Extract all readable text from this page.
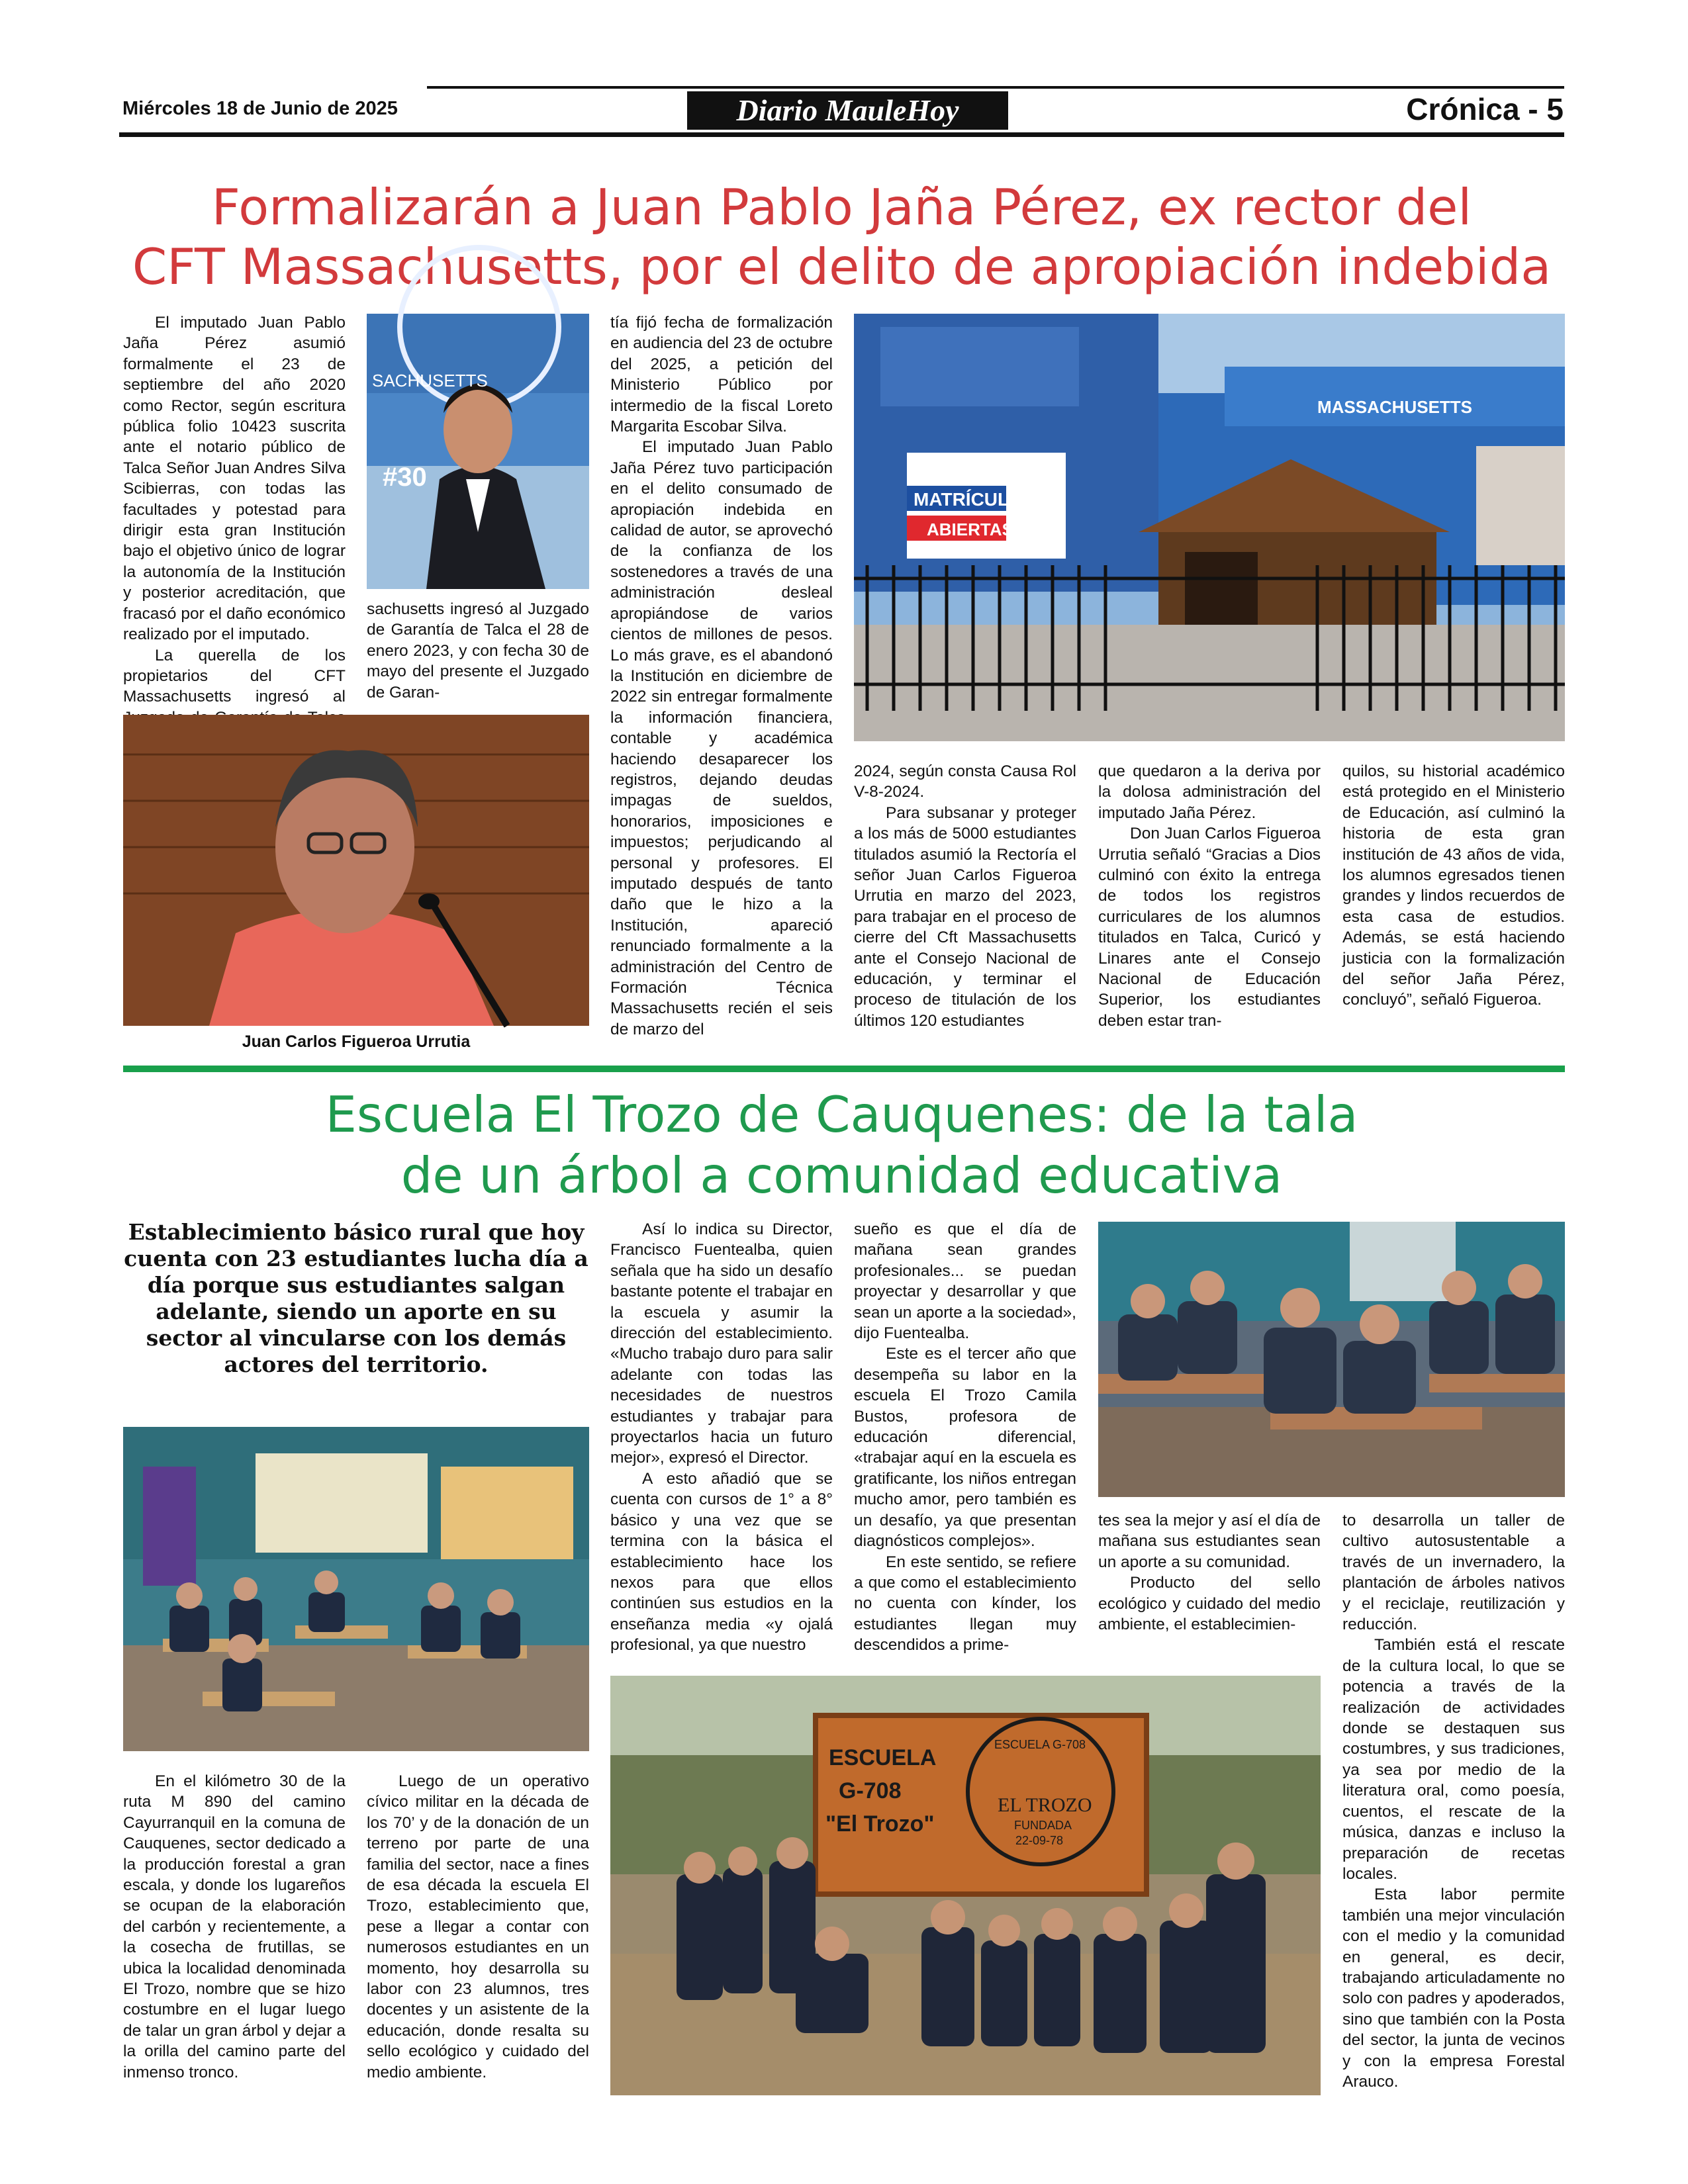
Miércoles 18 de Junio de 2025	Diario MauleHoy	Crónica - 5
Formalizarán a Juan Pablo Jaña Pérez, ex rector del
CFT Massachusetts, por el delito de apropiación indebida

El imputado Juan Pablo Jaña Pérez asumió formalmente el 23 de septiembre del año 2020 como Rector, según escritura pública folio 10423 suscrita ante el notario público de Talca Señor Juan Andres Silva Scibierras, con todas las facultades y potestad para dirigir esta gran Institución bajo el objetivo único de lograr la autonomía de la Institución y posterior acreditación, que fracasó por el daño económico realizado por el imputado.

La querella de los propietarios del CFT Massachusetts ingresó al

sachusetts ingresó al Juzgado de Garantía de Talca el 28 de enero 2023, y con fecha 30 de mayo del presente el Juzgado de Garan-

#30
SACHUSETTS
Juan Carlos Figueroa Urrutia

tía fijó fecha de formalización en audiencia del 23 de octubre del 2025, a petición del Ministerio Público por intermedio de la fiscal Loreto Margarita Escobar Silva.

El imputado Juan Pablo Jaña Pérez tuvo participación en el delito consumado de apropiación indebida en calidad de autor, se aprovechó de la confianza de los sostenedores a través de una administración desleal apropiándose de varios cientos de millones de pesos. Lo más grave, es el abandonó la Institución en diciembre de 2022 sin entregar formalmente la información financiera, contable y académica haciendo desaparecer los registros, dejando deudas impagas de sueldos, honorarios, imposiciones e impuestos; perjudicando al personal y profesores. El imputado después de tanto daño que le hizo a la Institución, apareció renunciado formalmente a la administración del Centro de Formación Técnica Massachusetts recién el seis de marzo del

MATRÍCULAS
ABIERTAS
MASSACHUSETTS

2024, según consta Causa Rol V-8-2024.

Para subsanar y proteger a los más de 5000 estudiantes titulados asumió la Rectoría el señor Juan Carlos Figueroa Urrutia en marzo del 2023, para trabajar en el proceso de cierre del Cft Massachusetts ante el Consejo Nacional de educación, y terminar el proceso de titulación de los últimos 120 estudiantes

que quedaron a la deriva por la dolosa administración del imputado Jaña Pérez.

Don Juan Carlos Figueroa Urrutia señaló “Gracias a Dios culminó con éxito la entrega de todos los registros curriculares de los alumnos titulados en Talca, Curicó y Linares ante el Consejo Nacional de Educación Superior, los estudiantes deben estar tran-

quilos, su historial académico está protegido en el Ministerio de Educación, así culminó la historia de esta gran institución de 43 años de vida, los alumnos egresados tienen grandes y lindos recuerdos de esta casa de estudios. Además, se está haciendo justicia con la formalización del señor Jaña Pérez, concluyó”, señaló Figueroa.

Escuela El Trozo de Cauquenes: de la tala
de un árbol a comunidad educativa
Establecimiento básico rural que hoy cuenta con 23 estudiantes lucha día a día porque sus estudiantes salgan adelante, siendo un aporte en su sector al vincularse con los demás actores del territorio.

En el kilómetro 30 de la ruta M 890 del camino Cayurranquil en la comuna de Cauquenes, sector dedicado a la producción forestal a gran escala, y donde los lugareños se ocupan de la elaboración del carbón y recientemente, a la cosecha de frutillas, se ubica la localidad denominada El Trozo, nombre que se hizo costumbre en el lugar luego de talar un gran árbol y dejar a la orilla del camino parte del inmenso tronco.

Luego de un operativo cívico militar en la década de los 70’ y de la donación de un terreno por parte de una familia del sector, nace a fines de esa década la escuela El Trozo, establecimiento que, pese a llegar a contar con numerosos estudiantes en un momento, hoy desarrolla su labor con 23 alumnos, tres docentes y un asistente de la educación, donde resalta su sello ecológico y cuidado del medio ambiente.

Así lo indica su Director, Francisco Fuentealba, quien señala que ha sido un desafío bastante potente el trabajar en la escuela y asumir la dirección del establecimiento. «Mucho trabajo duro para salir adelante con todas las necesidades de nuestros estudiantes y trabajar para proyectarlos hacia un futuro mejor», expresó el Director.

A esto añadió que se cuenta con cursos de 1° a 8° básico y una vez que se termina con la básica el establecimiento hace los nexos para que ellos continúen sus estudios en la enseñanza media «y ojalá profesional, ya que nuestro

sueño es que el día de mañana sean grandes profesionales... se puedan proyectar y desarrollar y que sean un aporte a la sociedad», dijo Fuentealba.

Este es el tercer año que desempeña su labor en la escuela El Trozo Camila Bustos, profesora de educación diferencial, «trabajar aquí en la escuela es gratificante, los niños entregan mucho amor, pero también es un desafío, ya que presentan diagnósticos complejos».

En este sentido, se refiere a que como el establecimiento no cuenta con kínder, los estudiantes llegan muy descendidos a prime-

tes sea la mejor y así el día de mañana sus estudiantes sean un aporte a su comunidad.

Producto del sello ecológico y cuidado del medio ambiente, el establecimien-

to desarrolla un taller de cultivo autosustentable a través de un invernadero, la plantación de árboles nativos y el reciclaje, reutilización y reducción.

También está el rescate de la cultura local, lo que se potencia a través de la realización de actividades donde se destaquen sus costumbres, y sus tradiciones, ya sea por medio de la literatura oral, como poesía, cuentos, el rescate de la música, danzas e incluso la preparación de recetas locales.

Esta labor permite también una mejor vinculación con el medio y la comunidad en general, es decir, trabajando articuladamente no solo con padres y apoderados, sino que también con la Posta del sector, la junta de vecinos y con la empresa Forestal Arauco.

ESCUELA
G-708
"El Trozo"
ESCUELA G-708
EL TROZO
FUNDADA
22-09-78
